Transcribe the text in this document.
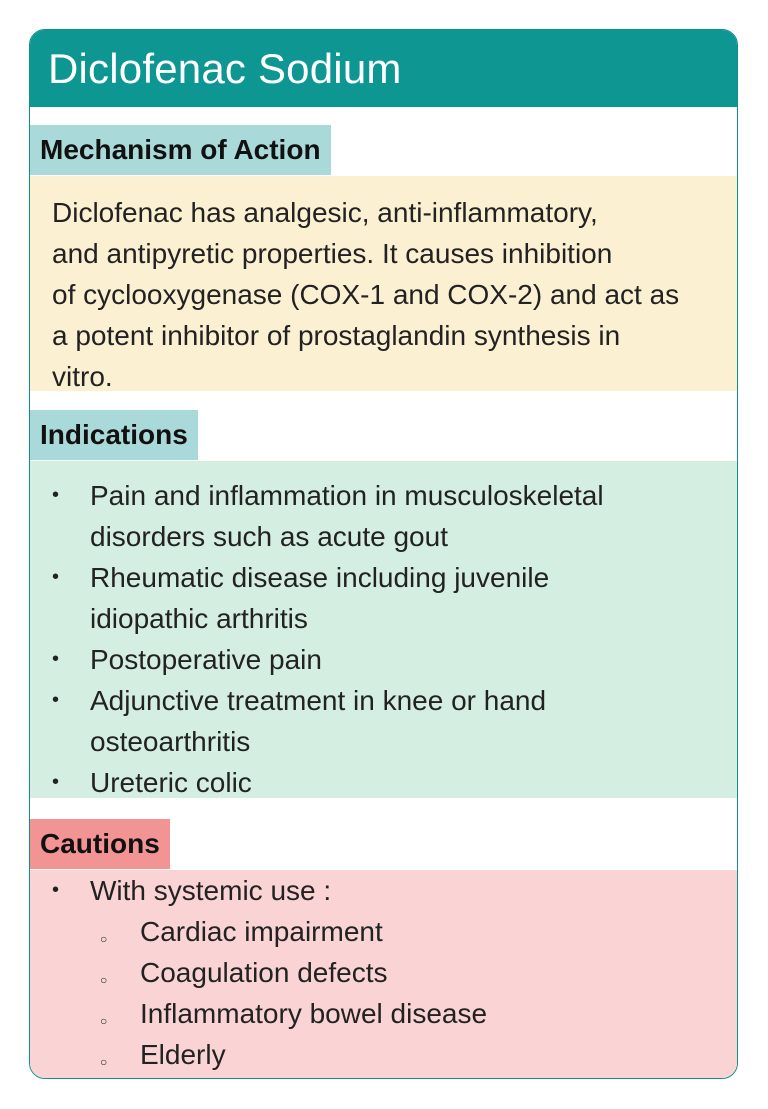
Diclofenac Sodium
Mechanism of Action

Diclofenac has analgesic, anti-inflammatory,
and antipyretic properties. It causes inhibition
of cyclooxygenase (COX-1 and COX-2) and act as
a potent inhibitor of prostaglandin synthesis in
vitro.

Indications
• Pain and inflammation in musculoskeletal
disorders such as acute gout
• Rheumatic disease including juvenile
idiopathic arthritis
• Postoperative pain
• Adjunctive treatment in knee or hand
osteoarthritis
• Ureteric colic
Cautions
• With systemic use :
○ Cardiac impairment
○ Coagulation defects
○ Inflammatory bowel disease
○ Elderly
